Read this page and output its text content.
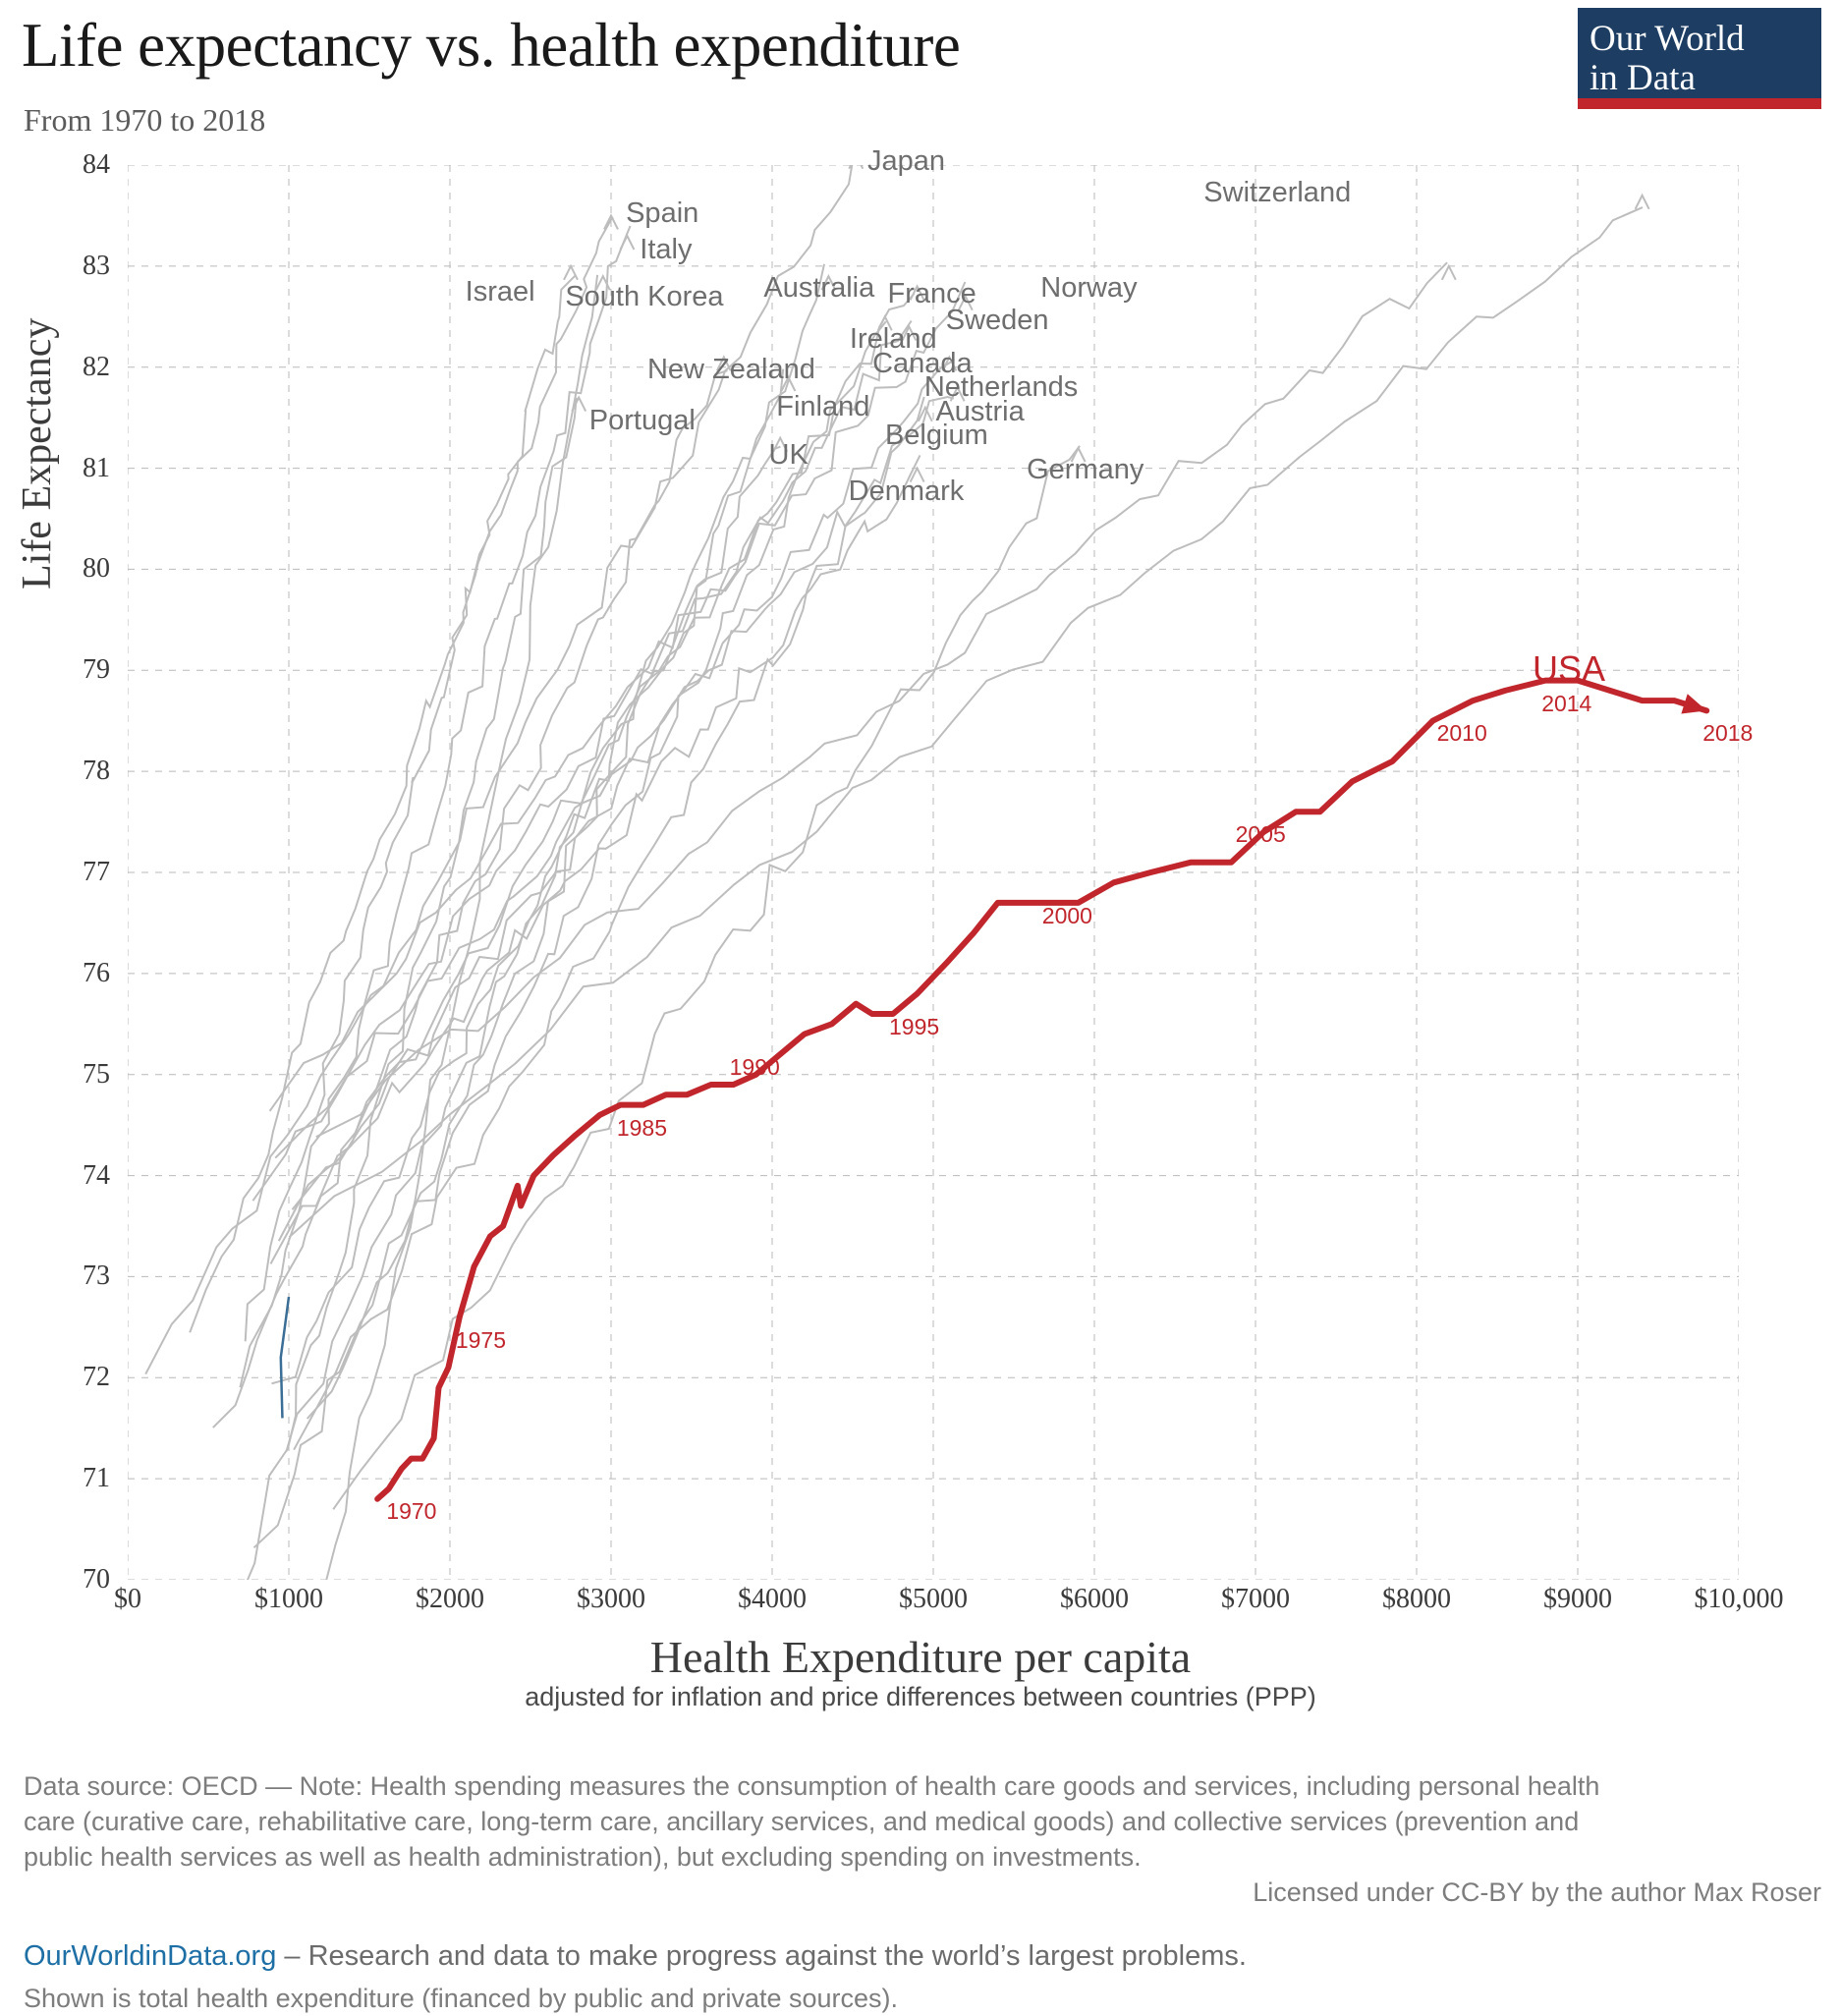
Life expectancy vs. health expenditure
From 1970 to 2018
Our World
in Data
Life Expectancy
Health Expenditure per capita
adjusted for inflation and price differences between countries (PPP)
70
71
72
73
74
75
76
77
78
79
80
81
82
83
84
$0	$1000	$2000	$3000	$4000	$5000	$6000	$7000	$8000	$9000	$10,000
Japan
Switzerland
Spain
Italy
Israel South Korea Australia France Norway
Sweden
Ireland
Canada
New Zealand
Netherlands
Finland Austria
Portugal	Belgium
UK	Germany
Denmark
1970
1975
1985
1990
1995
2000
2005
2010
2014
2018
USA
Data source: OECD — Note: Health spending measures the consumption of health care goods and services, including personal health
care (curative care, rehabilitative care, long-term care, ancillary services, and medical goods) and collective services (prevention and
public health services as well as health administration), but excluding spending on investments.
Shown is total health expenditure (financed by public and private sources).
Licensed under CC-BY by the author Max Roser
OurWorldinData.org – Research and data to make progress against the world’s largest problems.
